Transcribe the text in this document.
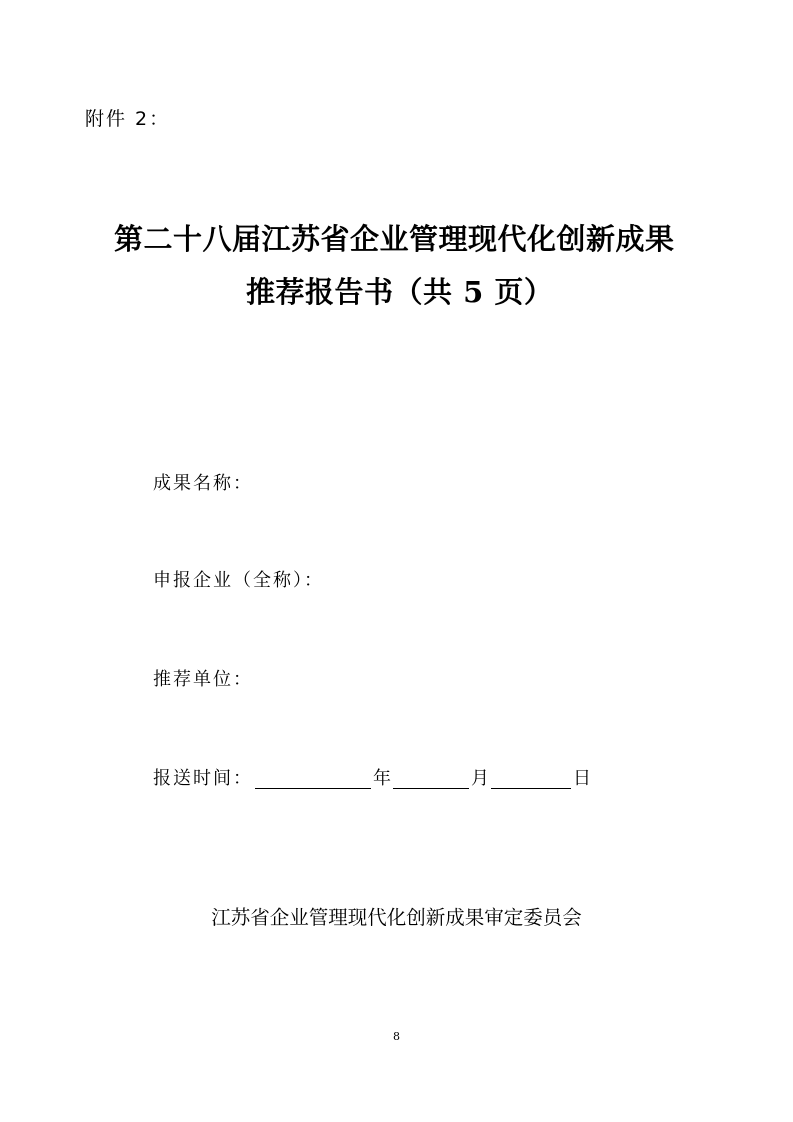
附件 2：
第二十八届江苏省企业管理现代化创新成果
推荐报告书（共 5 页）
成果名称：
申报企业（全称）：
推荐单位：
报送时间：	年	月	日
江苏省企业管理现代化创新成果审定委员会
8
